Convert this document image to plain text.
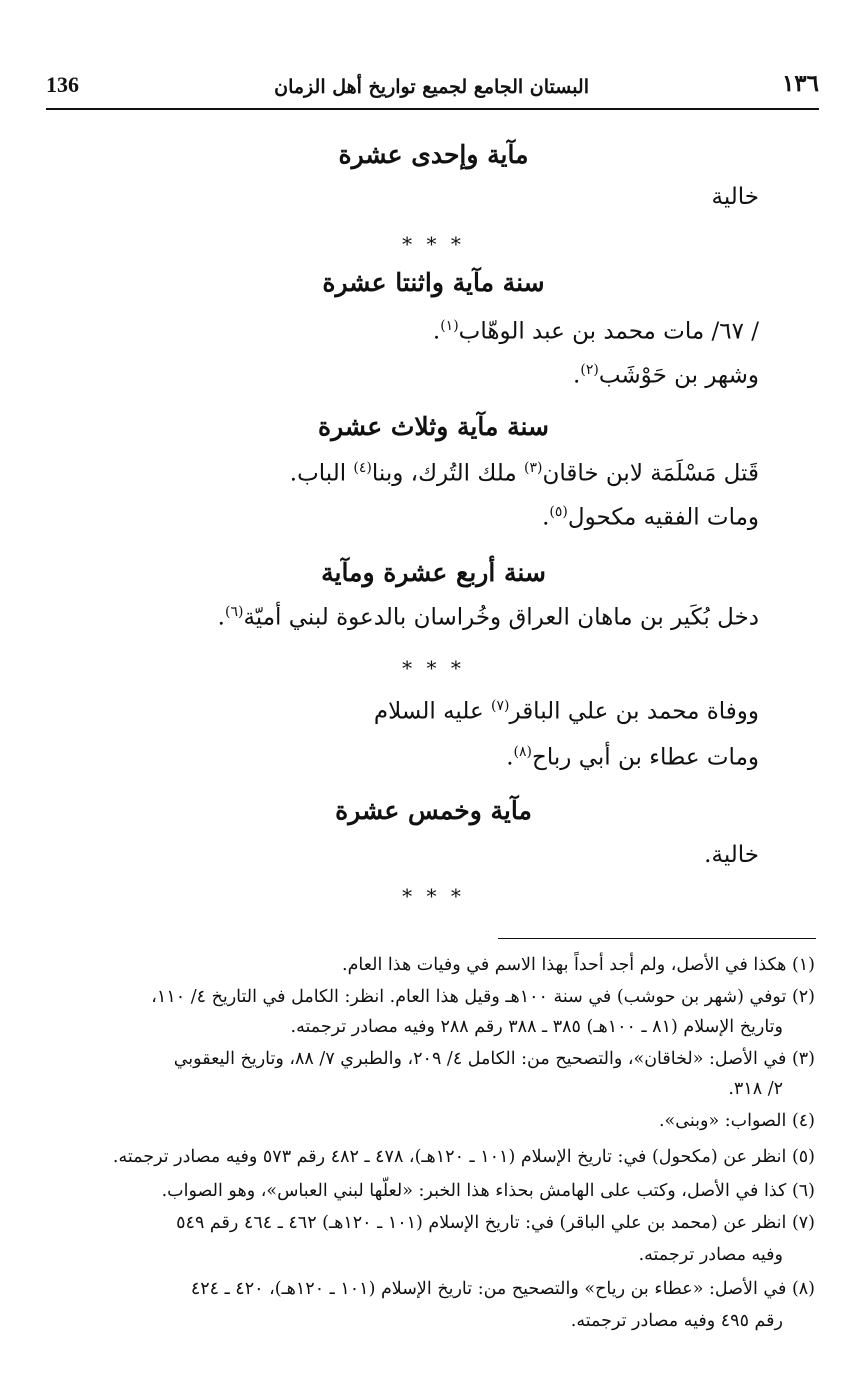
136	البستان الجامع لجميع تواريخ أهل الزمان	١٣٦
مآية وإحدى عشرة
خالية
* * *
سنة مآية واثنتا عشرة
/ ٦٧/ مات محمد بن عبد الوهّاب$^{(١)}$.
وشهر بن حَوْشَب$^{(٢)}$.
سنة مآية وثلاث عشرة
قَتل مَسْلَمَة لابن خاقان$^{(٣)}$ ملك التُرك، وبنا$^{(٤)}$ الباب.
ومات الفقيه مكحول$^{(٥)}$.
سنة أربع عشرة ومآية
دخل بُكَير بن ماهان العراق وخُراسان بالدعوة لبني أميّة$^{(٦)}$.
* * *
ووفاة محمد بن علي الباقر$^{(٧)}$ عليه السلام
ومات عطاء بن أبي رباح$^{(٨)}$.
مآية وخمس عشرة
خالية.
* * *
(١) هكذا في الأصل، ولم أجد أحداً بهذا الاسم في وفيات هذا العام.
(٢) توفي (شهر بن حوشب) في سنة ١٠٠هـ وقيل هذا العام. انظر: الكامل في التاريخ ٤/ ١١٠،
وتاريخ الإسلام (٨١ ـ ١٠٠هـ) ٣٨٥ ـ ٣٨٨ رقم ٢٨٨ وفيه مصادر ترجمته.
(٣) في الأصل: «لخاقان»، والتصحيح من: الكامل ٤/ ٢٠٩، والطبري ٧/ ٨٨، وتاريخ اليعقوبي
٢/ ٣١٨.
(٤) الصواب: «وبنى».
(٥) انظر عن (مكحول) في: تاريخ الإسلام (١٠١ ـ ١٢٠هـ)، ٤٧٨ ـ ٤٨٢ رقم ٥٧٣ وفيه مصادر ترجمته.
(٦) كذا في الأصل، وكتب على الهامش بحذاء هذا الخبر: «لعلّها لبني العباس»، وهو الصواب.
(٧) انظر عن (محمد بن علي الباقر) في: تاريخ الإسلام (١٠١ ـ ١٢٠هـ) ٤٦٢ ـ ٤٦٤ رقم ٥٤٩
وفيه مصادر ترجمته.
(٨) في الأصل: «عطاء بن رياح» والتصحيح من: تاريخ الإسلام (١٠١ ـ ١٢٠هـ)، ٤٢٠ ـ ٤٢٤
رقم ٤٩٥ وفيه مصادر ترجمته.
